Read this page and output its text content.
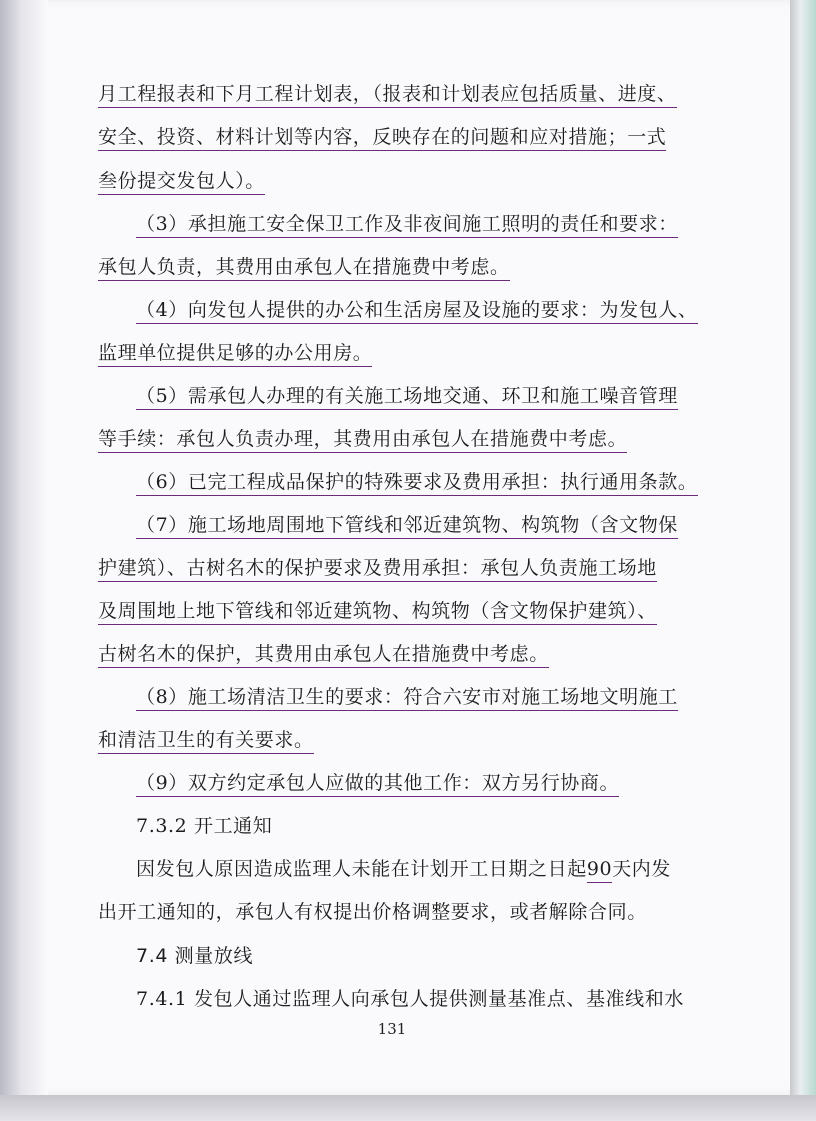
月工程报表和下月工程计划表，（报表和计划表应包括质量、进度、
安全、投资、材料计划等内容，反映存在的问题和应对措施；一式
叁份提交发包人）。
（3）承担施工安全保卫工作及非夜间施工照明的责任和要求：
承包人负责，其费用由承包人在措施费中考虑。
（4）向发包人提供的办公和生活房屋及设施的要求：为发包人、
监理单位提供足够的办公用房。
（5）需承包人办理的有关施工场地交通、环卫和施工噪音管理
等手续：承包人负责办理，其费用由承包人在措施费中考虑。
（6）已完工程成品保护的特殊要求及费用承担：执行通用条款。
（7）施工场地周围地下管线和邻近建筑物、构筑物（含文物保
护建筑）、古树名木的保护要求及费用承担：承包人负责施工场地
及周围地上地下管线和邻近建筑物、构筑物（含文物保护建筑）、
古树名木的保护，其费用由承包人在措施费中考虑。
（8）施工场清洁卫生的要求：符合六安市对施工场地文明施工
和清洁卫生的有关要求。
（9）双方约定承包人应做的其他工作：双方另行协商。
7.3.2 开工通知
因发包人原因造成监理人未能在计划开工日期之日起90天内发
出开工通知的，承包人有权提出价格调整要求，或者解除合同。
7.4 测量放线
7.4.1 发包人通过监理人向承包人提供测量基准点、基准线和水
131
